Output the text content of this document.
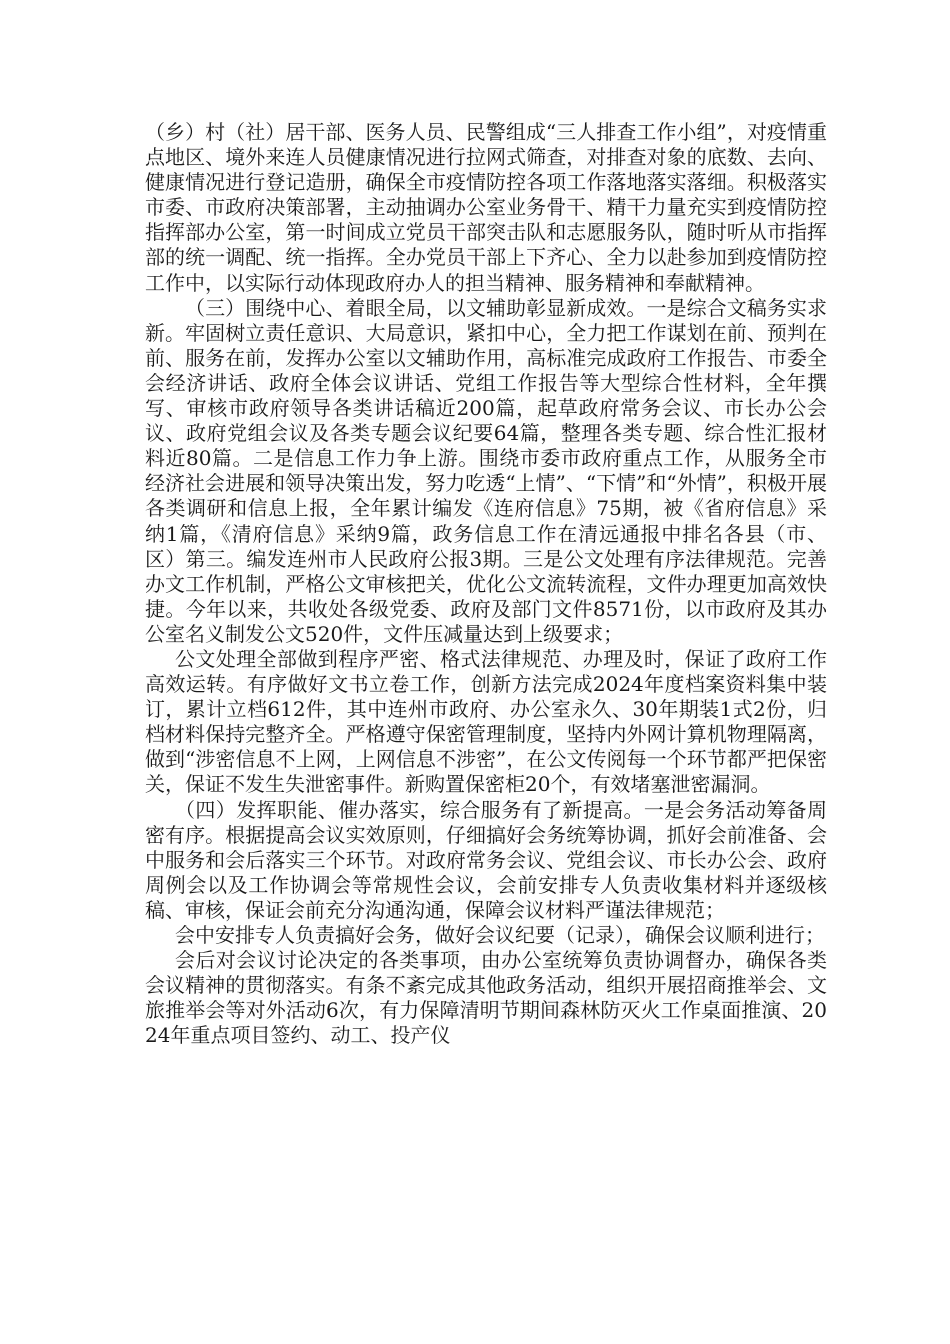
（乡）村（社）居干部、医务人员、民警组成“三人排查工作小组”，对疫情重点地区、境外来连人员健康情况进行拉网式筛查，对排查对象的底数、去向、健康情况进行登记造册，确保全市疫情防控各项工作落地落实落细。积极落实市委、市政府决策部署，主动抽调办公室业务骨干、精干力量充实到疫情防控指挥部办公室，第一时间成立党员干部突击队和志愿服务队，随时听从市指挥部的统一调配、统一指挥。全办党员干部上下齐心、全力以赴参加到疫情防控工作中，以实际行动体现政府办人的担当精神、服务精神和奉献精神。

（三）围绕中心、着眼全局，以文辅助彰显新成效。一是综合文稿务实求新。牢固树立责任意识、大局意识，紧扣中心，全力把工作谋划在前、预判在前、服务在前，发挥办公室以文辅助作用，高标准完成政府工作报告、市委全会经济讲话、政府全体会议讲话、党组工作报告等大型综合性材料，全年撰写、审核市政府领导各类讲话稿近200篇，起草政府常务会议、市长办公会议、政府党组会议及各类专题会议纪要64篇，整理各类专题、综合性汇报材料近80篇。二是信息工作力争上游。围绕市委市政府重点工作，从服务全市经济社会进展和领导决策出发，努力吃透“上情”、“下情”和“外情”，积极开展各类调研和信息上报，全年累计编发《连府信息》75期，被《省府信息》采纳1篇，《清府信息》采纳9篇，政务信息工作在清远通报中排名各县（市、区）第三。编发连州市人民政府公报3期。三是公文处理有序法律规范。完善办文工作机制，严格公文审核把关，优化公文流转流程，文件办理更加高效快捷。今年以来，共收处各级党委、政府及部门文件8571份，以市政府及其办公室名义制发公文520件，文件压减量达到上级要求；

公文处理全部做到程序严密、格式法律规范、办理及时，保证了政府工作高效运转。有序做好文书立卷工作，创新方法完成2024年度档案资料集中装订，累计立档612件，其中连州市政府、办公室永久、30年期装1式2份，归档材料保持完整齐全。严格遵守保密管理制度，坚持内外网计算机物理隔离，做到“涉密信息不上网，上网信息不涉密”，在公文传阅每一个环节都严把保密关，保证不发生失泄密事件。新购置保密柜20个，有效堵塞泄密漏洞。

（四）发挥职能、催办落实，综合服务有了新提高。一是会务活动筹备周密有序。根据提高会议实效原则，仔细搞好会务统筹协调，抓好会前准备、会中服务和会后落实三个环节。对政府常务会议、党组会议、市长办公会、政府周例会以及工作协调会等常规性会议，会前安排专人负责收集材料并逐级核稿、审核，保证会前充分沟通沟通，保障会议材料严谨法律规范；

会中安排专人负责搞好会务，做好会议纪要（记录），确保会议顺利进行；

会后对会议讨论决定的各类事项，由办公室统筹负责协调督办，确保各类会议精神的贯彻落实。有条不紊完成其他政务活动，组织开展招商推举会、文旅推举会等对外活动6次，有力保障清明节期间森林防灭火工作桌面推演、2024年重点项目签约、动工、投产仪
